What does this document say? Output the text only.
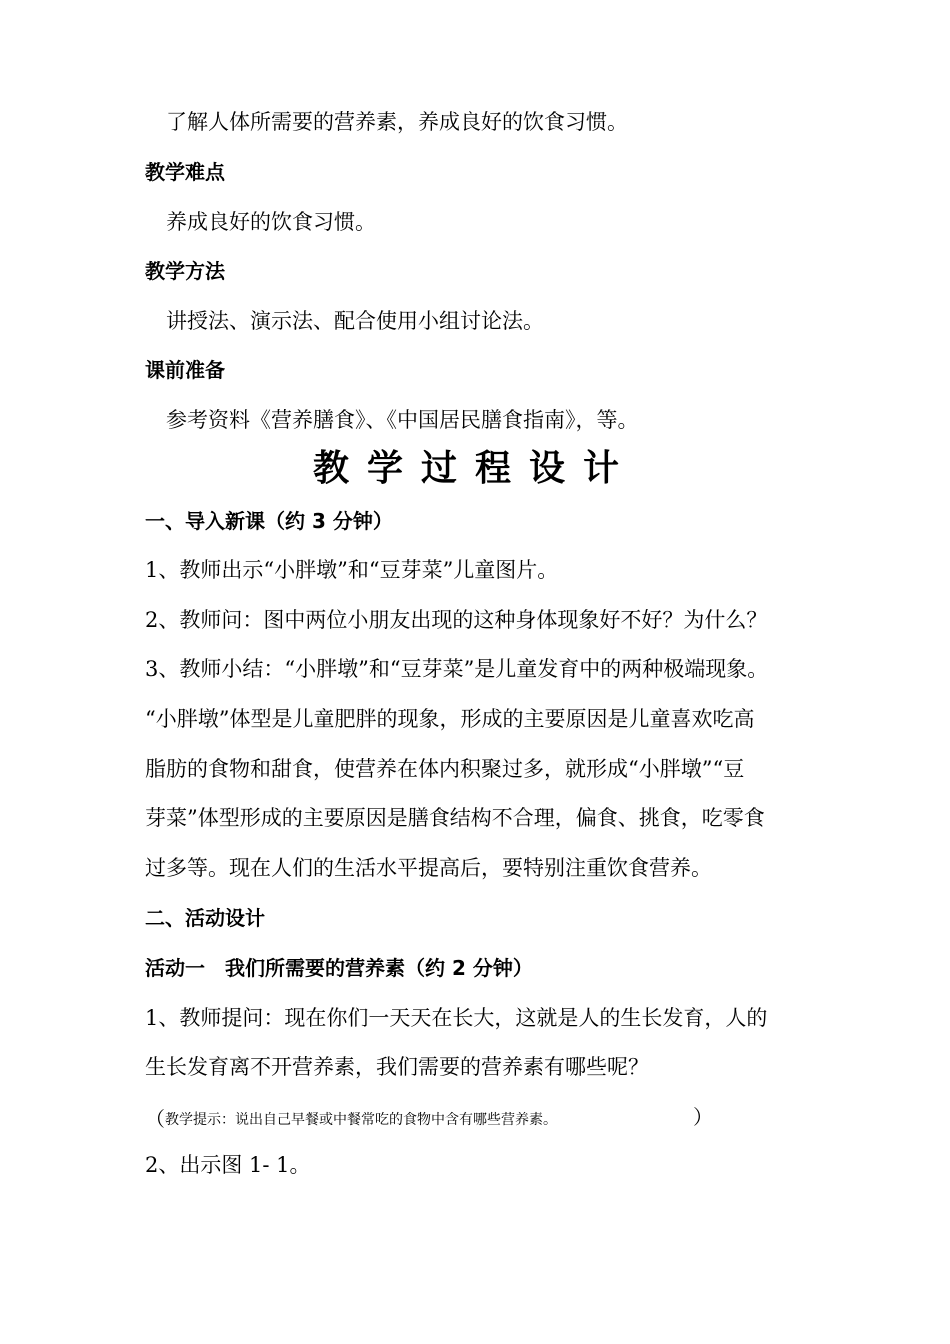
了解人体所需要的营养素，养成良好的饮食习惯。
教学难点
养成良好的饮食习惯。
教学方法
讲授法、演示法、配合使用小组讨论法。
课前准备
参考资料《营养膳食》、《中国居民膳食指南》，等。
教学过程设计
一、导入新课（约 3 分钟）
1、教师出示“小胖墩”和“豆芽菜”儿童图片。
2、教师问：图中两位小朋友出现的这种身体现象好不好？为什么？
3、教师小结：“小胖墩”和“豆芽菜”是儿童发育中的两种极端现象。
“小胖墩”体型是儿童肥胖的现象，形成的主要原因是儿童喜欢吃高
脂肪的食物和甜食，使营养在体内积聚过多，就形成“小胖墩”“豆
芽菜”体型形成的主要原因是膳食结构不合理，偏食、挑食，吃零食
过多等。现在人们的生活水平提高后，要特别注重饮食营养。
二、活动设计
活动一　我们所需要的营养素（约 2 分钟）
1、教师提问：现在你们一天天在长大，这就是人的生长发育，人的
生长发育离不开营养素，我们需要的营养素有哪些呢？
（教学提示：说出自己早餐或中餐常吃的食物中含有哪些营养素。	）
2、出示图 1- 1。
